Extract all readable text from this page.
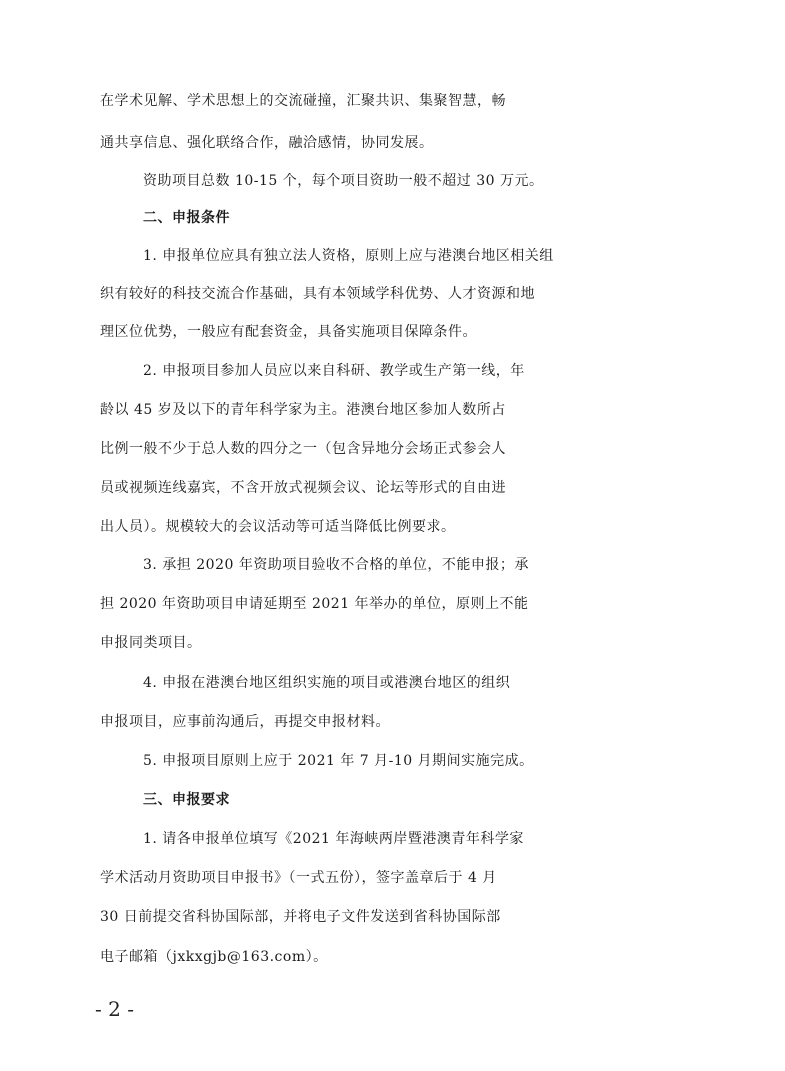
在学术见解、学术思想上的交流碰撞，汇聚共识、集聚智慧，畅
通共享信息、强化联络合作，融洽感情，协同发展。
资助项目总数 10-15 个，每个项目资助一般不超过 30 万元。
二、申报条件
1. 申报单位应具有独立法人资格，原则上应与港澳台地区相关组
织有较好的科技交流合作基础，具有本领域学科优势、人才资源和地
理区位优势，一般应有配套资金，具备实施项目保障条件。
2. 申报项目参加人员应以来自科研、教学或生产第一线，年
龄以 45 岁及以下的青年科学家为主。港澳台地区参加人数所占
比例一般不少于总人数的四分之一（包含异地分会场正式参会人
员或视频连线嘉宾，不含开放式视频会议、论坛等形式的自由进
出人员）。规模较大的会议活动等可适当降低比例要求。
3. 承担 2020 年资助项目验收不合格的单位，不能申报；承
担 2020 年资助项目申请延期至 2021 年举办的单位，原则上不能
申报同类项目。
4. 申报在港澳台地区组织实施的项目或港澳台地区的组织
申报项目，应事前沟通后，再提交申报材料。
5. 申报项目原则上应于 2021 年 7 月-10 月期间实施完成。
三、申报要求
1. 请各申报单位填写《2021 年海峡两岸暨港澳青年科学家
学术活动月资助项目申报书》（一式五份），签字盖章后于 4 月
30 日前提交省科协国际部，并将电子文件发送到省科协国际部
电子邮箱（jxkxgjb@163.com）。
- 2 -
